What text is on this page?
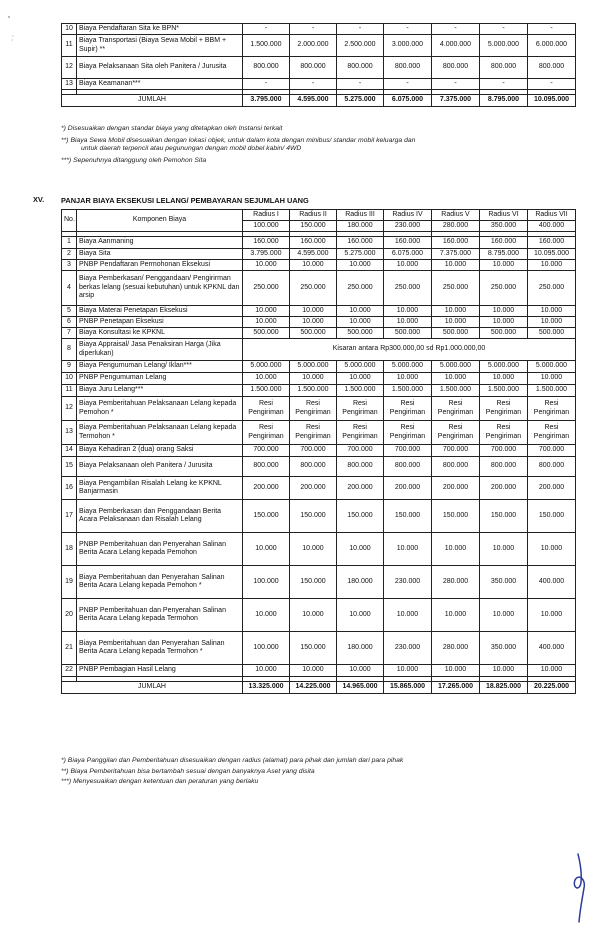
10	Biaya Pendaftaran Sita ke BPN*	-	-	-	-	-	-	-
11	Biaya Transportasi (Biaya Sewa Mobil + BBM + Supir) **	1.500.000	2.000.000	2.500.000	3.000.000	4.000.000	5.000.000	6.000.000
12	Biaya Pelaksanaan Sita oleh Panitera / Jurusita	800.000	800.000	800.000	800.000	800.000	800.000	800.000
13	Biaya Keamanan***	-	-	-	-	-	-	-

JUMLAH		3.795.000	4.595.000	5.275.000	6.075.000	7.375.000	8.795.000	10.095.000
*) Disesuaikan dengan standar biaya yang ditetapkan oleh Instansi terkait
**) Biaya Sewa Mobil disesuaikan dengan lokasi objek, untuk dalam kota dengan minibus/ standar mobil keluarga dan
untuk daerah terpencil atau pegunungan dengan mobil dobel kabin/ 4WD
***) Sepenuhnya ditanggung oleh Pemohon Sita
XV. PANJAR BIAYA EKSEKUSI LELANG/ PEMBAYARAN SEJUMLAH UANG
No.	Komponen Biaya	Radius I	Radius II	Radius III	Radius IV	Radius V	Radius VI	Radius VII
		100.000	150.000	180.000	230.000	280.000	350.000	400.000

1	Biaya Aanmaning	160.000	160.000	160.000	160.000	160.000	160.000	160.000
2	Biaya Sita	3.795.000	4.595.000	5.275.000	6.075.000	7.375.000	8.795.000	10.095.000
3	PNBP Pendaftaran Permohonan Eksekusi	10.000	10.000	10.000	10.000	10.000	10.000	10.000
4	Biaya Pemberkasan/ Penggandaan/ Pengirirman berkas lelang (sesuai kebutuhan) untuk KPKNL dan arsip	250.000	250.000	250.000	250.000	250.000	250.000	250.000
5	Biaya Materai Penetapan Eksekusi	10.000	10.000	10.000	10.000	10.000	10.000	10.000
6	PNBP Penetapan Eksekusi	10.000	10.000	10.000	10.000	10.000	10.000	10.000
7	Biaya Konsultasi ke KPKNL	500.000	500.000	500.000	500.000	500.000	500.000	500.000
8	Biaya Appraisal/ Jasa Penaksiran Harga (Jika diperlukan)	Kisaran antara Rp300.000,00 sd Rp1.000.000,00						
9	Biaya Pengumuman Lelang/ Iklan***	5.000.000	5.000.000	5.000.000	5.000.000	5.000.000	5.000.000	5.000.000
10	PNBP Pengumuman Lelang	10.000	10.000	10.000	10.000	10.000	10.000	10.000
11	Biaya Juru Lelang***	1.500.000	1.500.000	1.500.000	1.500.000	1.500.000	1.500.000	1.500.000
12	Biaya Pemberitahuan Pelaksanaan Lelang kepada Pemohon *	Resi Pengiriman	Resi Pengiriman	Resi Pengiriman	Resi Pengiriman	Resi Pengiriman	Resi Pengiriman	Resi Pengiriman
13	Biaya Pemberitahuan Pelaksanaan Lelang kepada Termohon *	Resi Pengiriman	Resi Pengiriman	Resi Pengiriman	Resi Pengiriman	Resi Pengiriman	Resi Pengiriman	Resi Pengiriman
14	Biaya Kehadiran 2 (dua) orang Saksi	700.000	700.000	700.000	700.000	700.000	700.000	700.000
15	Biaya Pelaksanaan oleh Panitera / Jurusita	800.000	800.000	800.000	800.000	800.000	800.000	800.000
16	Biaya Pengambilan Risalah Lelang ke KPKNL Banjarmasin	200.000	200.000	200.000	200.000	200.000	200.000	200.000
17	Biaya Pemberkasan dan Penggandaan Berita Acara Pelaksanaan dan Risalah Lelang	150.000	150.000	150.000	150.000	150.000	150.000	150.000
18	PNBP Pemberitahuan dan Penyerahan Salinan Berita Acara Lelang kepada Pemohon	10.000	10.000	10.000	10.000	10.000	10.000	10.000
19	Biaya Pemberitahuan dan Penyerahan Salinan Berita Acara Lelang kepada Pemohon *	100.000	150.000	180.000	230.000	280.000	350.000	400.000
20	PNBP Pemberitahuan dan Penyerahan Salinan Berita Acara Lelang kepada Termohon	10.000	10.000	10.000	10.000	10.000	10.000	10.000
21	Biaya Pemberitahuan dan Penyerahan Salinan Berita Acara Lelang kepada Termohon *	100.000	150.000	180.000	230.000	280.000	350.000	400.000
22	PNBP Pembagian Hasil Lelang	10.000	10.000	10.000	10.000	10.000	10.000	10.000

JUMLAH		13.325.000	14.225.000	14.965.000	15.865.000	17.265.000	18.825.000	20.225.000
*) Biaya Panggilan dan Pemberitahuan disesuaikan dengan radius (alamat) para pihak dan jumlah dari para pihak
**) Biaya Pemberitahuan bisa bertambah sesuai dengan banyaknya Aset yang disita
***) Menyesuaikan dengan ketentuan dan peraturan yang berlaku
